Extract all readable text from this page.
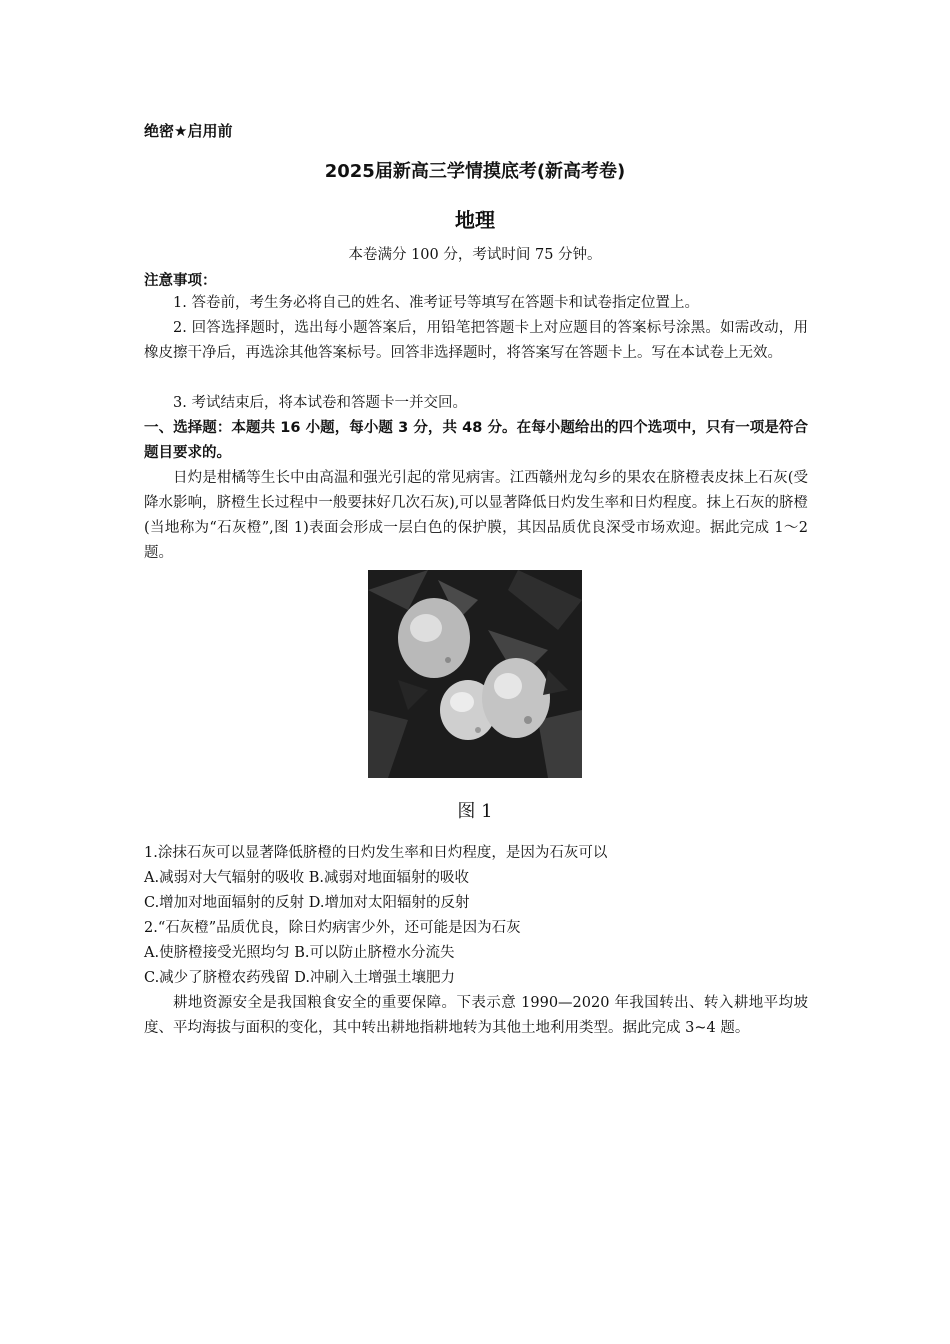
绝密★启用前
2025届新高三学情摸底考(新高考卷)
地理
本卷满分 100 分，考试时间 75 分钟。
注意事项：
1. 答卷前，考生务必将自己的姓名、准考证号等填写在答题卡和试卷指定位置上。
2. 回答选择题时，选出每小题答案后，用铅笔把答题卡上对应题目的答案标号涂黑。如需改动，用橡皮擦干净后，再选涂其他答案标号。回答非选择题时，将答案写在答题卡上。写在本试卷上无效。
3. 考试结束后，将本试卷和答题卡一并交回。
一、选择题：本题共 16 小题，每小题 3 分，共 48 分。在每小题给出的四个选项中，只有一项是符合题目要求的。
日灼是柑橘等生长中由高温和强光引起的常见病害。江西赣州龙勾乡的果农在脐橙表皮抹上石灰(受降水影响，脐橙生长过程中一般要抹好几次石灰),可以显著降低日灼发生率和日灼程度。抹上石灰的脐橙(当地称为“石灰橙”,图 1)表面会形成一层白色的保护膜，其因品质优良深受市场欢迎。据此完成 1～2 题。
图 1
1.涂抹石灰可以显著降低脐橙的日灼发生率和日灼程度，是因为石灰可以
A.减弱对大气辐射的吸收 B.减弱对地面辐射的吸收
C.增加对地面辐射的反射 D.增加对太阳辐射的反射
2.“石灰橙”品质优良，除日灼病害少外，还可能是因为石灰
A.使脐橙接受光照均匀 B.可以防止脐橙水分流失
C.减少了脐橙农药残留 D.冲刷入土增强土壤肥力
耕地资源安全是我国粮食安全的重要保障。下表示意 1990—2020 年我国转出、转入耕地平均坡度、平均海拔与面积的变化，其中转出耕地指耕地转为其他土地利用类型。据此完成 3~4 题。
